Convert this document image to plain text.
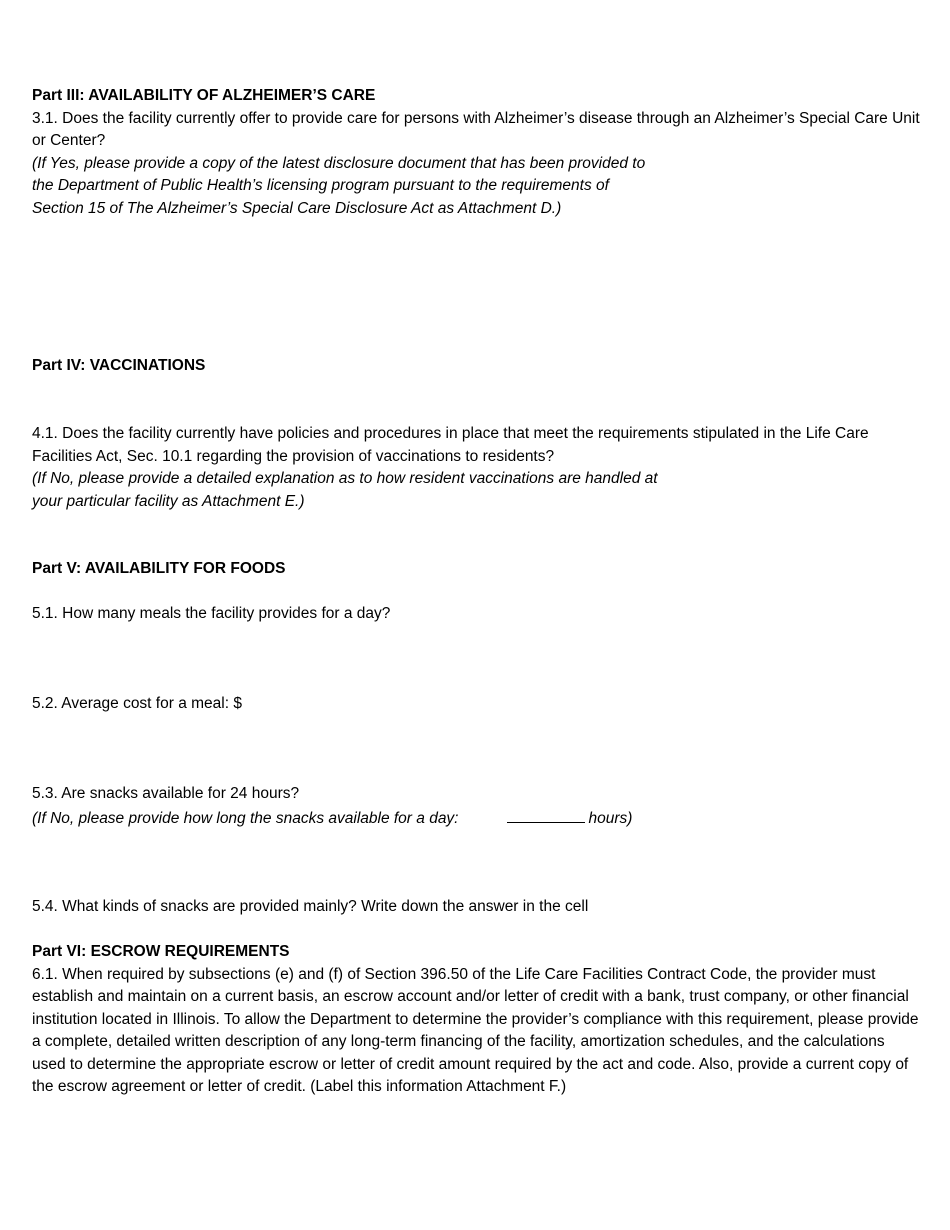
Part III: AVAILABILITY OF ALZHEIMER’S CARE
3.1. Does the facility currently offer to provide care for persons with Alzheimer’s disease through an Alzheimer’s Special Care Unit or Center?
(If Yes, please provide a copy of the latest disclosure document that has been provided to
the Department of Public Health’s licensing program pursuant to the requirements of
Section 15 of The Alzheimer’s Special Care Disclosure Act as Attachment D.)
Part IV: VACCINATIONS
4.1. Does the facility currently have policies and procedures in place that meet the requirements stipulated in the Life Care Facilities Act, Sec. 10.1 regarding the provision of vaccinations to residents?
(If No, please provide a detailed explanation as to how resident vaccinations are handled at
your particular facility as Attachment E.)
Part V: AVAILABILITY FOR FOODS
5.1. How many meals the facility provides for a day?
5.2. Average cost for a meal: $
5.3. Are snacks available for 24 hours?
(If No, please provide how long the snacks available for a day:	hours)
5.4. What kinds of snacks are provided mainly? Write down the answer in the cell
Part VI: ESCROW REQUIREMENTS
6.1. When required by subsections (e) and (f) of Section 396.50 of the Life Care Facilities Contract Code, the provider must establish and maintain on a current basis, an escrow account and/or letter of credit with a bank, trust company, or other financial institution located in Illinois. To allow the Department to determine the provider’s compliance with this requirement, please provide a complete, detailed written description of any long-term financing of the facility, amortization schedules, and the calculations used to determine the appropriate escrow or letter of credit amount required by the act and code. Also, provide a current copy of the escrow agreement or letter of credit. (Label this information Attachment F.)
